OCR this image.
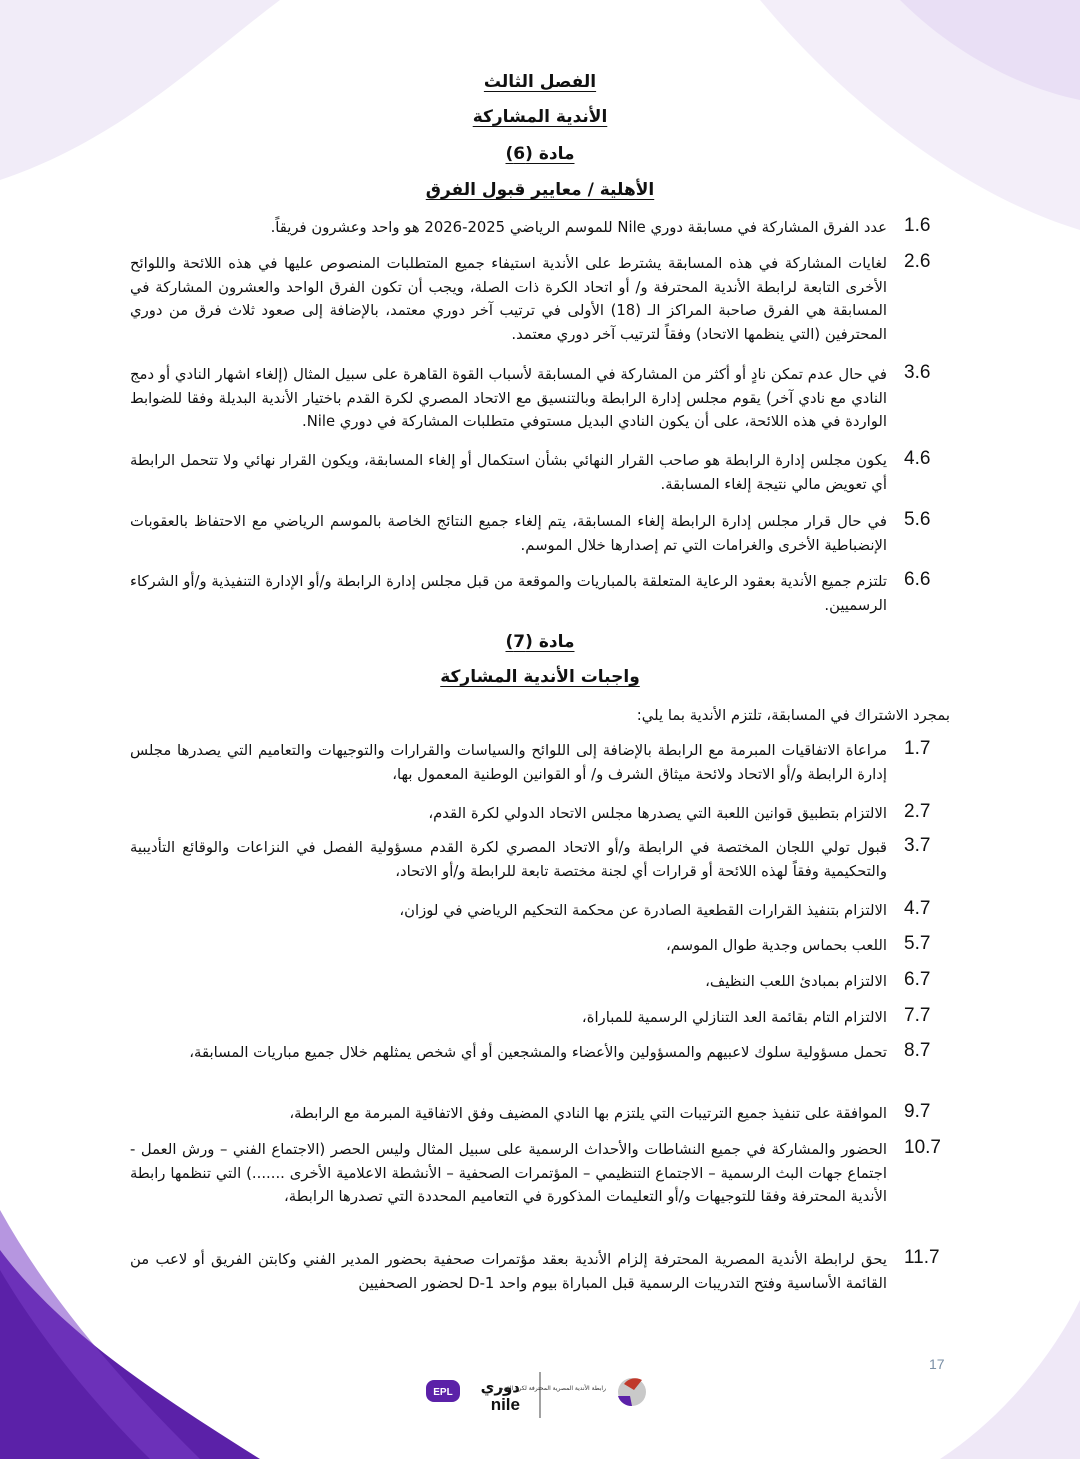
الفصل الثالث
الأندية المشاركة
مادة (6)
الأهلية / معايير قبول الفرق
1.6
عدد الفرق المشاركة في مسابقة دوري Nile للموسم الرياضي 2025-2026 هو واحد وعشرون فريقاً.
2.6
لغايات المشاركة في هذه المسابقة يشترط على الأندية استيفاء جميع المتطلبات المنصوص عليها في هذه اللائحة واللوائح الأخرى التابعة لرابطة الأندية المحترفة و/ أو اتحاد الكرة ذات الصلة، ويجب أن تكون الفرق الواحد والعشرون المشاركة في المسابقة هي الفرق صاحبة المراكز الـ (18) الأولى في ترتيب آخر دوري معتمد، بالإضافة إلى صعود ثلاث فرق من دوري المحترفين (التي ينظمها الاتحاد) وفقاً لترتيب آخر دوري معتمد.
3.6
في حال عدم تمكن نادٍ أو أكثر من المشاركة في المسابقة لأسباب القوة القاهرة على سبيل المثال (إلغاء اشهار النادي أو دمج النادي مع نادي آخر) يقوم مجلس إدارة الرابطة وبالتنسيق مع الاتحاد المصري لكرة القدم باختيار الأندية البديلة وفقا للضوابط الواردة في هذه اللائحة، على أن يكون النادي البديل مستوفي متطلبات المشاركة في دوري Nile.
4.6
يكون مجلس إدارة الرابطة هو صاحب القرار النهائي بشأن استكمال أو إلغاء المسابقة، ويكون القرار نهائي ولا تتحمل الرابطة أي تعويض مالي نتيجة إلغاء المسابقة.
5.6
في حال قرار مجلس إدارة الرابطة إلغاء المسابقة، يتم إلغاء جميع النتائج الخاصة بالموسم الرياضي مع الاحتفاظ بالعقوبات الإنضباطية الأخرى والغرامات التي تم إصدارها خلال الموسم.
6.6
تلتزم جميع الأندية بعقود الرعاية المتعلقة بالمباريات والموقعة من قبل مجلس إدارة الرابطة و/أو الإدارة التنفيذية و/أو الشركاء الرسميين.
مادة (7)
واجبات الأندية المشاركة
بمجرد الاشتراك في المسابقة، تلتزم الأندية بما يلي:
1.7
مراعاة الاتفاقيات المبرمة مع الرابطة بالإضافة إلى اللوائح والسياسات والقرارات والتوجيهات والتعاميم التي يصدرها مجلس إدارة الرابطة و/أو الاتحاد ولائحة ميثاق الشرف و/ أو القوانين الوطنية المعمول بها،
2.7
الالتزام بتطبيق قوانين اللعبة التي يصدرها مجلس الاتحاد الدولي لكرة القدم،
3.7
قبول تولي اللجان المختصة في الرابطة و/أو الاتحاد المصري لكرة القدم مسؤولية الفصل في النزاعات والوقائع التأديبية والتحكيمية وفقاً لهذه اللائحة أو قرارات أي لجنة مختصة تابعة للرابطة و/أو الاتحاد،
4.7
الالتزام بتنفيذ القرارات القطعية الصادرة عن محكمة التحكيم الرياضي في لوزان،
5.7
اللعب بحماس وجدية طوال الموسم،
6.7
الالتزام بمبادئ اللعب النظيف،
7.7
الالتزام التام بقائمة العد التنازلي الرسمية للمباراة،
8.7
تحمل مسؤولية سلوك لاعبيهم والمسؤولين والأعضاء والمشجعين أو أي شخص يمثلهم خلال جميع مباريات المسابقة،
9.7
الموافقة على تنفيذ جميع الترتيبات التي يلتزم بها النادي المضيف وفق الاتفاقية المبرمة مع الرابطة،
10.7
الحضور والمشاركة في جميع النشاطات والأحداث الرسمية على سبيل المثال وليس الحصر (الاجتماع الفني – ورش العمل - اجتماع جهات البث الرسمية – الاجتماع التنظيمي – المؤتمرات الصحفية – الأنشطة الاعلامية الأخرى .......) التي تنظمها رابطة الأندية المحترفة وفقا للتوجيهات و/أو التعليمات المذكورة في التعاميم المحددة التي تصدرها الرابطة،
11.7
يحق لرابطة الأندية المصرية المحترفة إلزام الأندية بعقد مؤتمرات صحفية بحضور المدير الفني وكابتن الفريق أو لاعب من القائمة الأساسية وفتح التدريبات الرسمية قبل المباراة بيوم واحد D-1 لحضور الصحفيين
17
EPL دوري
nile
رابطة الأندية المصرية المحترفة لكرة القدم
